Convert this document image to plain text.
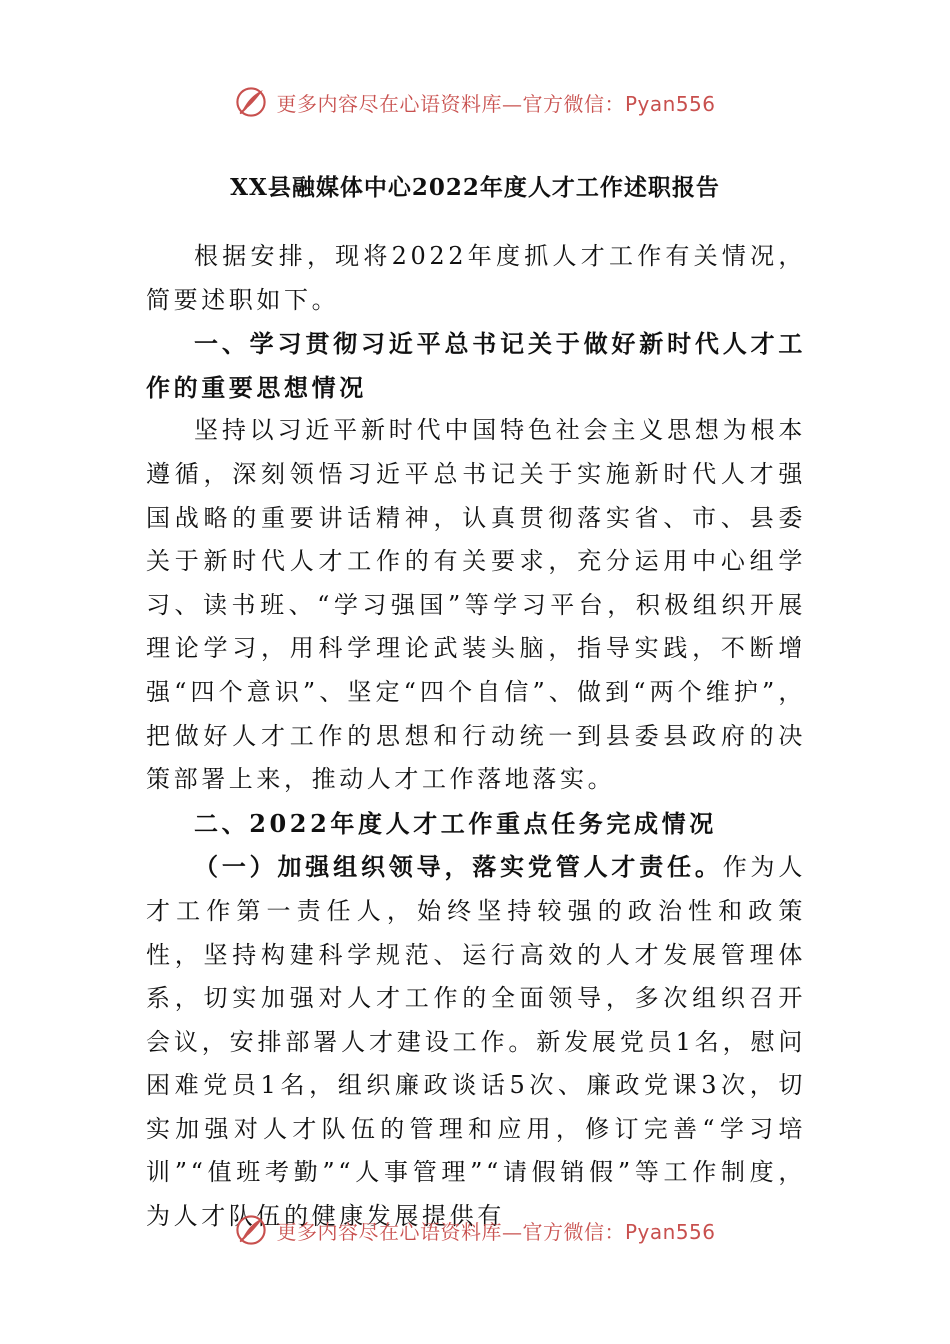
更多内容尽在心语资料库—官方微信：Pyan556
XX县融媒体中心2022年度人才工作述职报告

根据安排，现将2022年度抓人才工作有关情况，简要述职如下。

一、学习贯彻习近平总书记关于做好新时代人才工作的重要思想情况

坚持以习近平新时代中国特色社会主义思想为根本遵循，深刻领悟习近平总书记关于实施新时代人才强国战略的重要讲话精神，认真贯彻落实省、市、县委关于新时代人才工作的有关要求，充分运用中心组学习、读书班、“学习强国”等学习平台，积极组织开展理论学习，用科学理论武装头脑，指导实践，不断增强“四个意识”、坚定“四个自信”、做到“两个维护”，把做好人才工作的思想和行动统一到县委县政府的决策部署上来，推动人才工作落地落实。

二、2022年度人才工作重点任务完成情况

（一）加强组织领导，落实党管人才责任。作为人才工作第一责任人，始终坚持较强的政治性和政策性，坚持构建科学规范、运行高效的人才发展管理体系，切实加强对人才工作的全面领导，多次组织召开会议，安排部署人才建设工作。新发展党员1名，慰问困难党员1名，组织廉政谈话5次、廉政党课3次，切实加强对人才队伍的管理和应用，修订完善“学习培训”“值班考勤”“人事管理”“请假销假”等工作制度，为人才队伍的健康发展提供有

更多内容尽在心语资料库—官方微信：Pyan556
